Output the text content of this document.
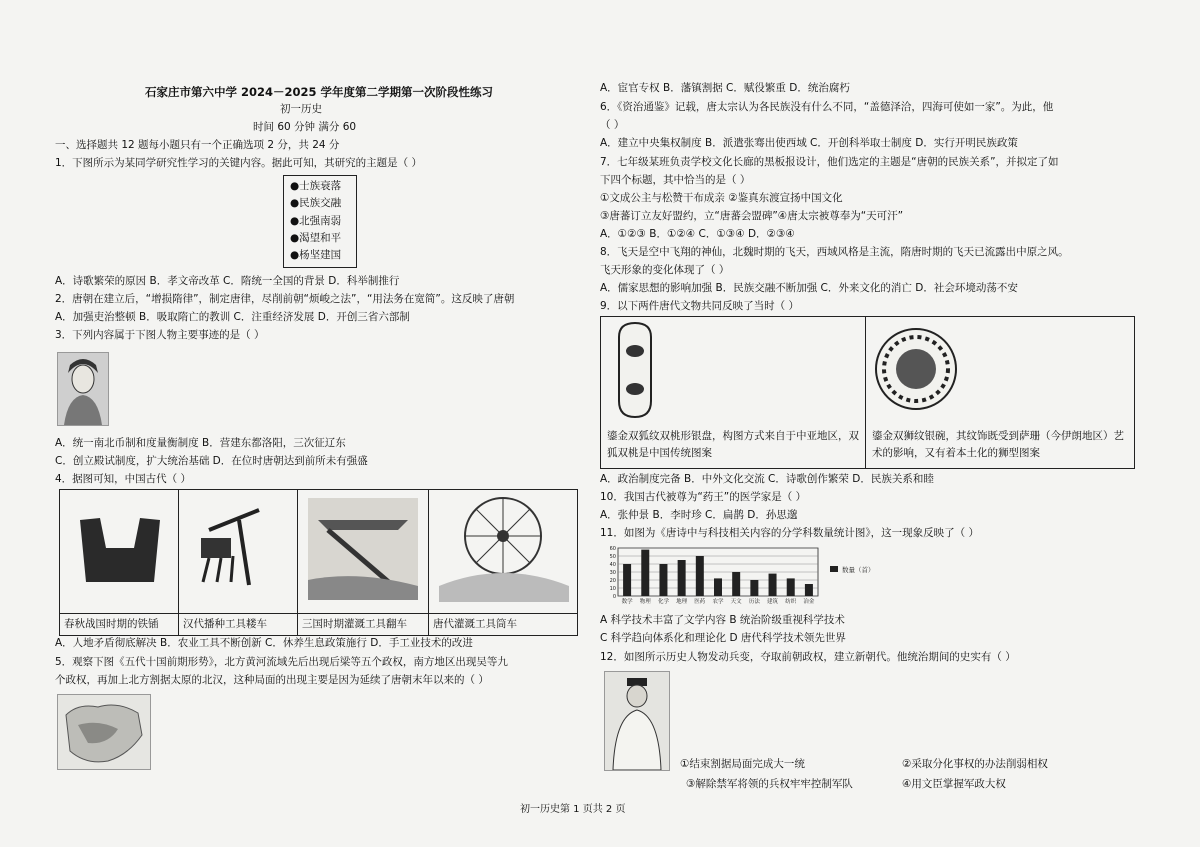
石家庄市第六中学 2024－2025 学年度第二学期第一次阶段性练习
初一历史
时间 60 分钟 满分 60
一、选择题共 12 题每小题只有一个正确选项 2 分，共 24 分
1．下图所示为某同学研究性学习的关键内容。据此可知，其研究的主题是（ ）
●士族衰落
●民族交融
●北强南弱
●渴望和平
●杨坚建国
A．诗歌繁荣的原因 B．孝文帝改革 C．隋统一全国的背景 D．科举制推行
2．唐朝在建立后，“增损隋律”，制定唐律，尽削前朝“烦峻之法”，“用法务在宽简”。这反映了唐朝
A．加强吏治整顿 B．吸取隋亡的教训 C．注重经济发展 D．开创三省六部制
3．下列内容属于下图人物主要事迹的是（ ）
A．统一南北币制和度量衡制度 B．营建东都洛阳，三次征辽东
C．创立殿试制度，扩大统治基础 D．在位时唐朝达到前所未有强盛
4．据图可知，中国古代（ ）

春秋战国时期的铁锸	汉代播种工具耧车	三国时期灌溉工具翻车	唐代灌溉工具筒车
A．人地矛盾彻底解决 B．农业工具不断创新 C．休养生息政策施行 D．手工业技术的改进
5．观察下图《五代十国前期形势》，北方黄河流域先后出现后梁等五个政权，南方地区出现吴等九
个政权，再加上北方割据太原的北汉，这种局面的出现主要是因为延续了唐朝末年以来的（ ）
A．宦官专权 B．藩镇割据 C．赋役繁重 D．统治腐朽
6．《资治通鉴》记载，唐太宗认为各民族没有什么不同，“盖德泽洽，四海可使如一家”。为此，他
（ ）
A．建立中央集权制度 B．派遣张骞出使西域 C．开创科举取士制度 D．实行开明民族政策
7．七年级某班负责学校文化长廊的黑板报设计，他们选定的主题是“唐朝的民族关系”，并拟定了如
下四个标题，其中恰当的是（ ）
①文成公主与松赞干布成亲 ②鉴真东渡宣扬中国文化
③唐蕃订立友好盟约，立“唐蕃会盟碑”④唐太宗被尊奉为“天可汗”
A．①②③ B．①②④ C．①③④ D．②③④
8．飞天是空中飞翔的神仙，北魏时期的飞天，西域风格是主流，隋唐时期的飞天已流露出中原之风。
飞天形象的变化体现了（ ）
A．儒家思想的影响加强 B．民族交融不断加强 C．外来文化的消亡 D．社会环境动荡不安
9．以下两件唐代文物共同反映了当时（ ）
鎏金双狐纹双桃形银盘，构图方式来自于中亚地区，双狐双桃是中国传统图案

鎏金双狮纹银碗，其纹饰既受到萨珊（今伊朗地区）艺术的影响，又有着本土化的狮型图案
A．政治制度完备 B．中外文化交流 C．诗歌创作繁荣 D．民族关系和睦
10．我国古代被尊为“药王”的医学家是（ ）
A．张仲景 B．李时珍 C．扁鹊 D．孙思邈
11．如图为《唐诗中与科技相关内容的分学科数量统计图》，这一现象反映了（ ）
60
50
40
30
20
10
0
数学 物理 化学 地理 医药 农学 天文 历法 建筑 纺织 冶金
数量（首）
A 科学技术丰富了文学内容 B 统治阶级重视科学技术
C 科学趋向体系化和理论化 D 唐代科学技术领先世界
12．如图所示历史人物发动兵变，夺取前朝政权，建立新朝代。他统治期间的史实有（ ）
①结束割据局面完成大一统	②采取分化事权的办法削弱相权
③解除禁军将领的兵权牢牢控制军队	④用文臣掌握军政大权
初一历史第 1 页共 2 页
